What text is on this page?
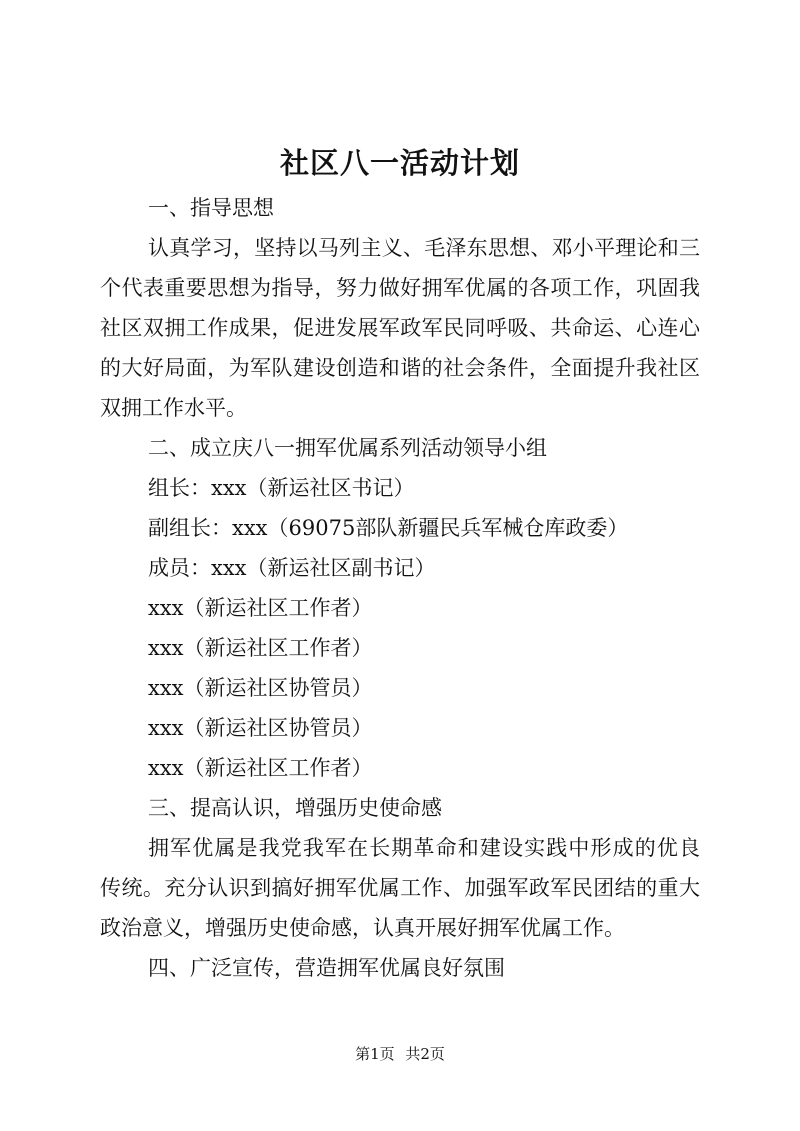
社区八一活动计划
一、指导思想
认真学习，坚持以马列主义、毛泽东思想、邓小平理论和三
个代表重要思想为指导，努力做好拥军优属的各项工作，巩固我
社区双拥工作成果，促进发展军政军民同呼吸、共命运、心连心
的大好局面，为军队建设创造和谐的社会条件，全面提升我社区
双拥工作水平。
二、成立庆八一拥军优属系列活动领导小组
组长：xxx（新运社区书记）
副组长：xxx（69075部队新疆民兵军械仓库政委）
成员：xxx（新运社区副书记）
xxx（新运社区工作者）
xxx（新运社区工作者）
xxx（新运社区协管员）
xxx（新运社区协管员）
xxx（新运社区工作者）
三、提高认识，增强历史使命感
拥军优属是我党我军在长期革命和建设实践中形成的优良
传统。充分认识到搞好拥军优属工作、加强军政军民团结的重大
政治意义，增强历史使命感，认真开展好拥军优属工作。
四、广泛宣传，营造拥军优属良好氛围
第1页 共2页
